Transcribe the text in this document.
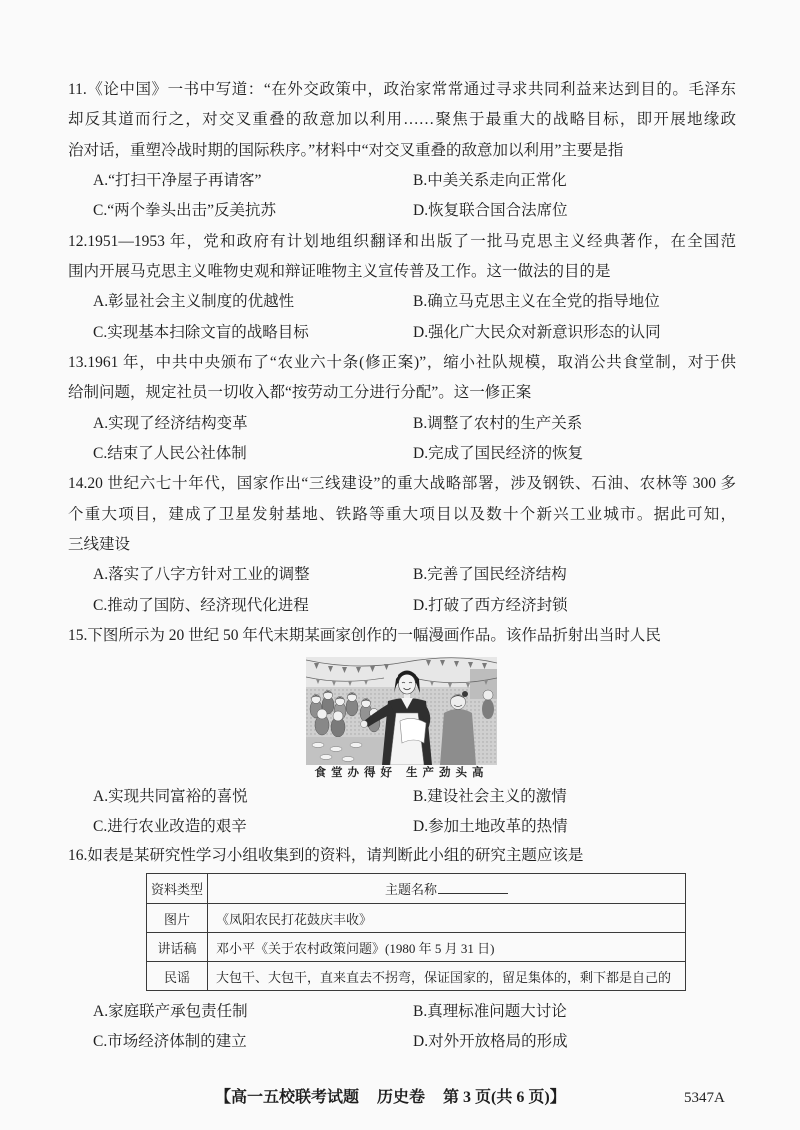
11.《论中国》一书中写道：“在外交政策中，政治家常常通过寻求共同利益来达到目的。毛泽东
却反其道而行之，对交叉重叠的敌意加以利用……聚焦于最重大的战略目标，即开展地缘政
治对话，重塑冷战时期的国际秩序。”材料中“对交叉重叠的敌意加以利用”主要是指
A.“打扫干净屋子再请客”	B.中美关系走向正常化
C.“两个拳头出击”反美抗苏	D.恢复联合国合法席位
12.1951—1953 年，党和政府有计划地组织翻译和出版了一批马克思主义经典著作，在全国范
围内开展马克思主义唯物史观和辩证唯物主义宣传普及工作。这一做法的目的是
A.彰显社会主义制度的优越性	B.确立马克思主义在全党的指导地位
C.实现基本扫除文盲的战略目标	D.强化广大民众对新意识形态的认同
13.1961 年，中共中央颁布了“农业六十条(修正案)”，缩小社队规模，取消公共食堂制，对于供
给制问题，规定社员一切收入都“按劳动工分进行分配”。这一修正案
A.实现了经济结构变革	B.调整了农村的生产关系
C.结束了人民公社体制	D.完成了国民经济的恢复
14.20 世纪六七十年代，国家作出“三线建设”的重大战略部署，涉及钢铁、石油、农林等 300 多
个重大项目，建成了卫星发射基地、铁路等重大项目以及数十个新兴工业城市。据此可知，
三线建设
A.落实了八字方针对工业的调整	B.完善了国民经济结构
C.推动了国防、经济现代化进程	D.打破了西方经济封锁
15.下图所示为 20 世纪 50 年代末期某画家创作的一幅漫画作品。该作品折射出当时人民
食堂办得好 生产劲头高
A.实现共同富裕的喜悦	B.建设社会主义的激情
C.进行农业改造的艰辛	D.参加土地改革的热情
16.如表是某研究性学习小组收集到的资料，请判断此小组的研究主题应该是
资料类型	主题名称
图片	《凤阳农民打花鼓庆丰收》
讲话稿	邓小平《关于农村政策问题》(1980 年 5 月 31 日)
民谣	大包干、大包干，直来直去不拐弯，保证国家的，留足集体的，剩下都是自己的
A.家庭联产承包责任制	B.真理标准问题大讨论
C.市场经济体制的建立	D.对外开放格局的形成
【高一五校联考试题 历史卷 第 3 页(共 6 页)】	5347A
